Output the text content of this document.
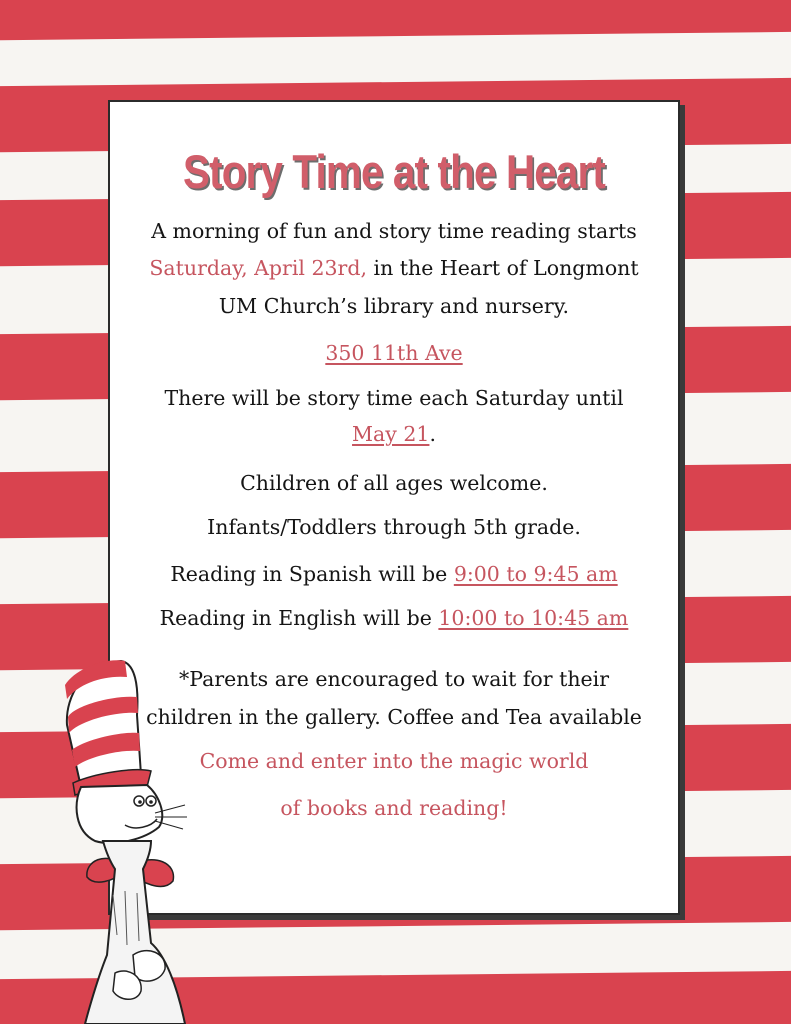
Story Time at the Heart

A morning of fun and story time reading starts

Saturday, April 23rd, in the Heart of Longmont

UM Church’s library and nursery.

350 11th Ave

There will be story time each Saturday until

May 21.

Children of all ages welcome.

Infants/Toddlers through 5th grade.

Reading in Spanish will be 9:00 to 9:45 am

Reading in English will be 10:00 to 10:45 am

*Parents are encouraged to wait for their

children in the gallery. Coffee and Tea available

Come and enter into the magic world

of books and reading!
